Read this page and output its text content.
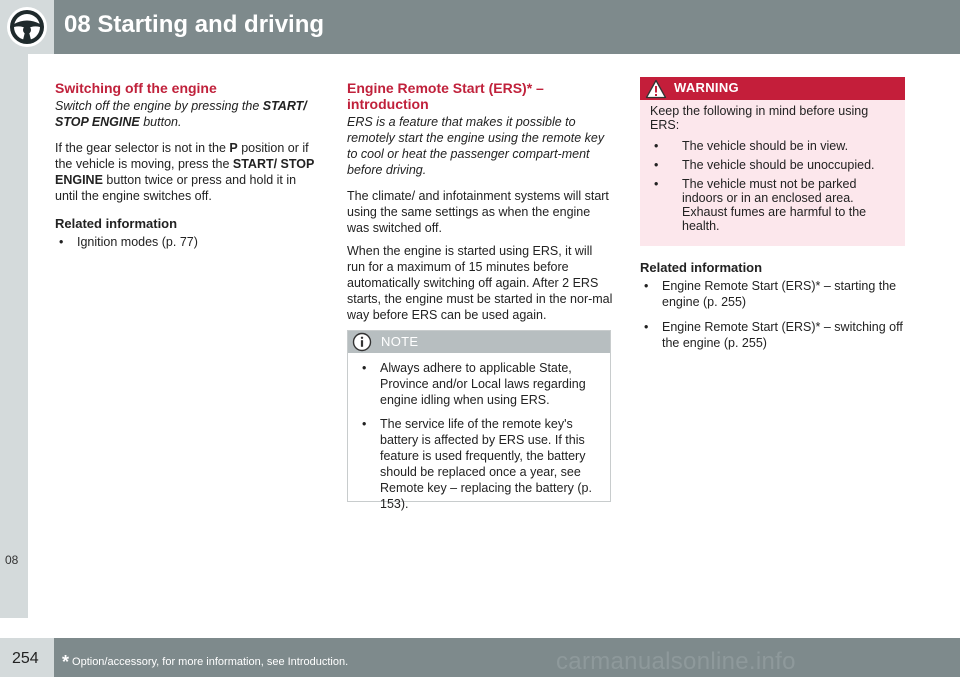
08 Starting and driving
08
Switching off the engine

Switch off the engine by pressing the START/ STOP ENGINE button.

If the gear selector is not in the P position or if the vehicle is moving, press the START/ STOP ENGINE button twice or press and hold it in until the engine switches off.

Related information
• Ignition modes (p. 77)
Engine Remote Start (ERS)* – introduction

ERS is a feature that makes it possible to remotely start the engine using the remote key to cool or heat the passenger compart-ment before driving.

The climate/ and infotainment systems will start using the same settings as when the engine was switched off.

When the engine is started using ERS, it will run for a maximum of 15 minutes before automatically switching off again. After 2 ERS starts, the engine must be started in the nor-mal way before ERS can be used again.

NOTE
• Always adhere to applicable State, Province and/or Local laws regarding engine idling when using ERS.
• The service life of the remote key's battery is affected by ERS use. If this feature is used frequently, the battery should be replaced once a year, see Remote key – replacing the battery (p. 153).
WARNING

Keep the following in mind before using ERS:

• The vehicle should be in view.
• The vehicle should be unoccupied.
• The vehicle must not be parked indoors or in an enclosed area. Exhaust fumes are harmful to the health.
Related information
• Engine Remote Start (ERS)* – starting the engine (p. 255)
• Engine Remote Start (ERS)* – switching off the engine (p. 255)
254 * Option/accessory, for more information, see Introduction.	carmanualsonline.info
